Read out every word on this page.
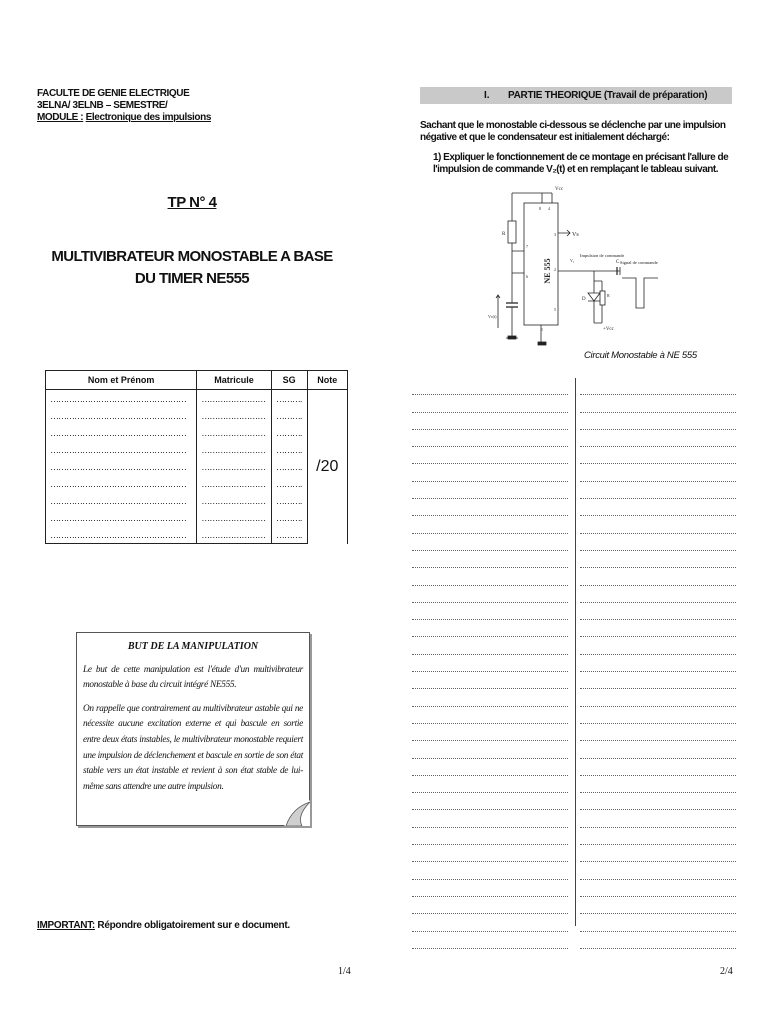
FACULTE DE GENIE ELECTRIQUE
3ELNA/ 3ELNB – SEMESTRE/
MODULE : Electronique des impulsions
TP N° 4
MULTIVIBRATEUR MONOSTABLE A BASE
DU TIMER NE555
Nom et Prénom	Matricule	SG	Note
……………………………………………	……………………	……….	/20
……………………………………………	……………………	……….	
……………………………………………	……………………	……….	
……………………………………………	……………………	……….	
……………………………………………	……………………	……….	
……………………………………………	……………………	……….	
……………………………………………	……………………	……….	
……………………………………………	……………………	……….	
……………………………………………	……………………	……….	
BUT DE LA MANIPULATION

Le but de cette manipulation est l'étude d'un multivibrateur monostable à base du circuit intégré NE555.

On rappelle que contrairement au multivibrateur astable qui ne nécessite aucune excitation externe et qui bascule en sortie entre deux états instables, le multivibrateur monostable requiert une impulsion de déclenchement et bascule en sortie de son état stable vers un état instable et revient à son état stable de lui-même sans attendre une autre impulsion.

IMPORTANT: Répondre obligatoirement sur e document.
1/4	2/4
I. PARTIE THEORIQUE (Travail de préparation)
Sachant que le monostable ci-dessous se déclenche par une impulsion négative et que le condensateur est initialement déchargé:
1) Expliquer le fonctionnement de ce montage en précisant l'allure de l'impulsion de commande V₂(t) et en remplaçant le tableau suivant.
Vcc
R
NE 555
8 4
3
7
6
2
5
1
Vs
Vc(t)
V₂
Impulsion de commande
C
D
R
+Vcc
Signal de commande
Circuit Monostable à NE 555
